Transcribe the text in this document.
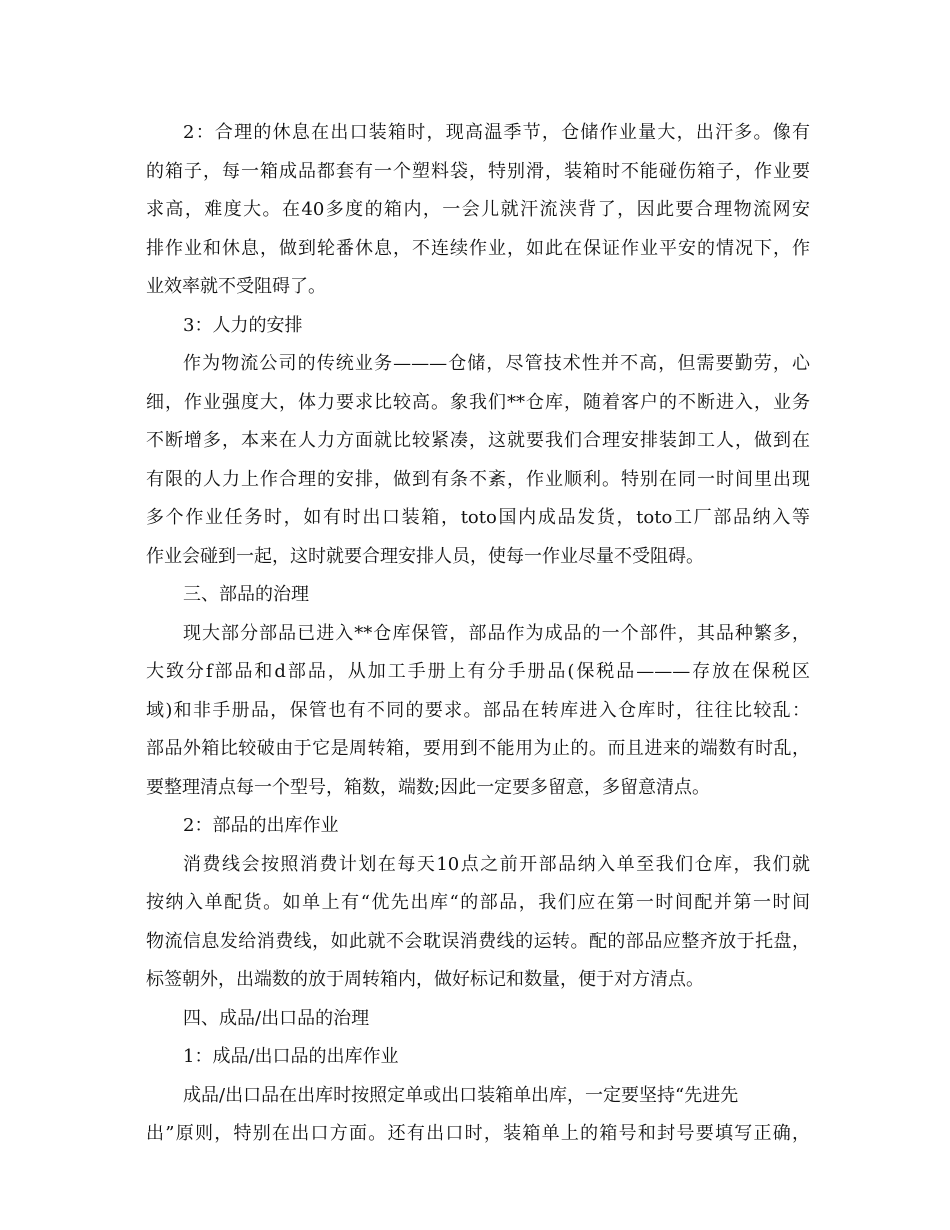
2：合理的休息在出口装箱时，现高温季节，仓储作业量大，出汗多。像有
的箱子，每一箱成品都套有一个塑料袋，特别滑，装箱时不能碰伤箱子，作业要
求高，难度大。在40多度的箱内，一会儿就汗流浃背了，因此要合理物流网安
排作业和休息，做到轮番休息，不连续作业，如此在保证作业平安的情况下，作
业效率就不受阻碍了。
3：人力的安排
作为物流公司的传统业务———仓储，尽管技术性并不高，但需要勤劳，心
细，作业强度大，体力要求比较高。象我们**仓库，随着客户的不断进入，业务
不断增多，本来在人力方面就比较紧凑，这就要我们合理安排装卸工人，做到在
有限的人力上作合理的安排，做到有条不紊，作业顺利。特别在同一时间里出现
多个作业任务时，如有时出口装箱，toto国内成品发货，toto工厂部品纳入等
作业会碰到一起，这时就要合理安排人员，使每一作业尽量不受阻碍。
三、部品的治理
现大部分部品已进入**仓库保管，部品作为成品的一个部件，其品种繁多，
大致分f部品和d部品，从加工手册上有分手册品(保税品———存放在保税区
域)和非手册品，保管也有不同的要求。部品在转库进入仓库时，往往比较乱：
部品外箱比较破由于它是周转箱，要用到不能用为止的。而且进来的端数有时乱，
要整理清点每一个型号，箱数，端数;因此一定要多留意，多留意清点。
2：部品的出库作业
消费线会按照消费计划在每天10点之前开部品纳入单至我们仓库，我们就
按纳入单配货。如单上有“优先出库“的部品，我们应在第一时间配并第一时间
物流信息发给消费线，如此就不会耽误消费线的运转。配的部品应整齐放于托盘，
标签朝外，出端数的放于周转箱内，做好标记和数量，便于对方清点。
四、成品/出口品的治理
1：成品/出口品的出库作业
成品/出口品在出库时按照定单或出口装箱单出库，一定要坚持“先进先
出”原则，特别在出口方面。还有出口时，装箱单上的箱号和封号要填写正确，
